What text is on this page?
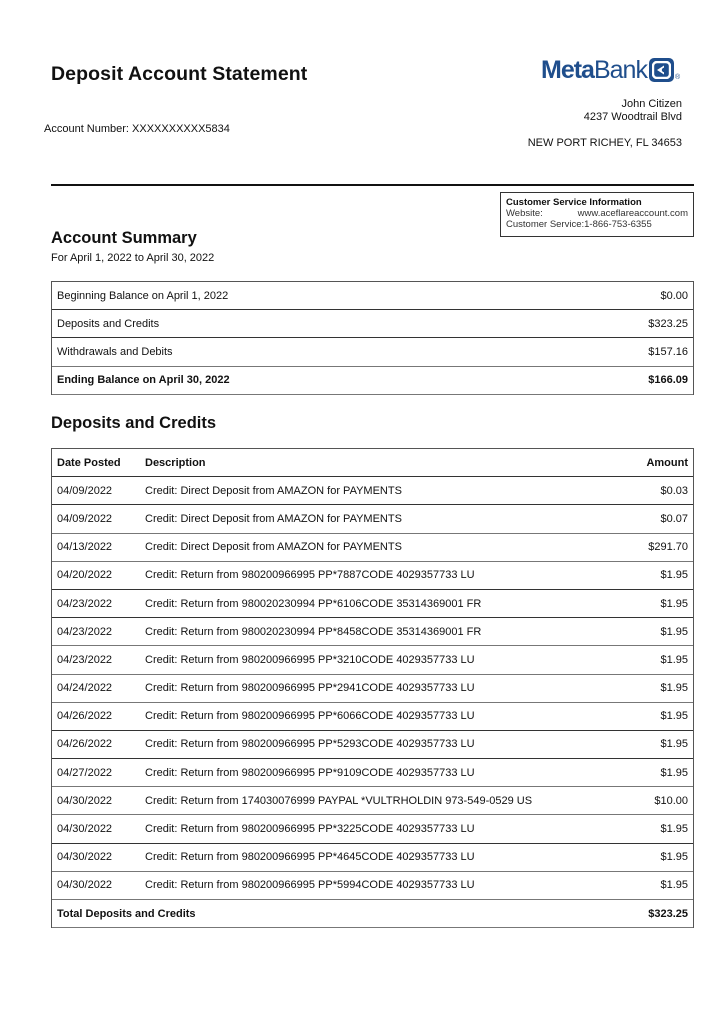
Deposit Account Statement
Account Number: XXXXXXXXXX5834
MetaBank	®
John Citizen
4237 Woodtrail Blvd
NEW PORT RICHEY, FL 34653
Customer Service Information
Website:	www.aceflareaccount.com
Customer Service: 1-866-753-6355
Account Summary
For April 1, 2022 to April 30, 2022
Beginning Balance on April 1, 2022	$0.00
Deposits and Credits	$323.25
Withdrawals and Debits	$157.16
Ending Balance on April 30, 2022	$166.09
Deposits and Credits
Date Posted	Description	Amount
04/09/2022	Credit: Direct Deposit from AMAZON for PAYMENTS	$0.03
04/09/2022	Credit: Direct Deposit from AMAZON for PAYMENTS	$0.07
04/13/2022	Credit: Direct Deposit from AMAZON for PAYMENTS	$291.70
04/20/2022	Credit: Return from 980200966995 PP*7887CODE 4029357733 LU	$1.95
04/23/2022	Credit: Return from 980020230994 PP*6106CODE 35314369001 FR	$1.95
04/23/2022	Credit: Return from 980020230994 PP*8458CODE 35314369001 FR	$1.95
04/23/2022	Credit: Return from 980200966995 PP*3210CODE 4029357733 LU	$1.95
04/24/2022	Credit: Return from 980200966995 PP*2941CODE 4029357733 LU	$1.95
04/26/2022	Credit: Return from 980200966995 PP*6066CODE 4029357733 LU	$1.95
04/26/2022	Credit: Return from 980200966995 PP*5293CODE 4029357733 LU	$1.95
04/27/2022	Credit: Return from 980200966995 PP*9109CODE 4029357733 LU	$1.95
04/30/2022	Credit: Return from 174030076999 PAYPAL *VULTRHOLDIN 973-549-0529 US	$10.00
04/30/2022	Credit: Return from 980200966995 PP*3225CODE 4029357733 LU	$1.95
04/30/2022	Credit: Return from 980200966995 PP*4645CODE 4029357733 LU	$1.95
04/30/2022	Credit: Return from 980200966995 PP*5994CODE 4029357733 LU	$1.95
Total Deposits and Credits	$323.25
